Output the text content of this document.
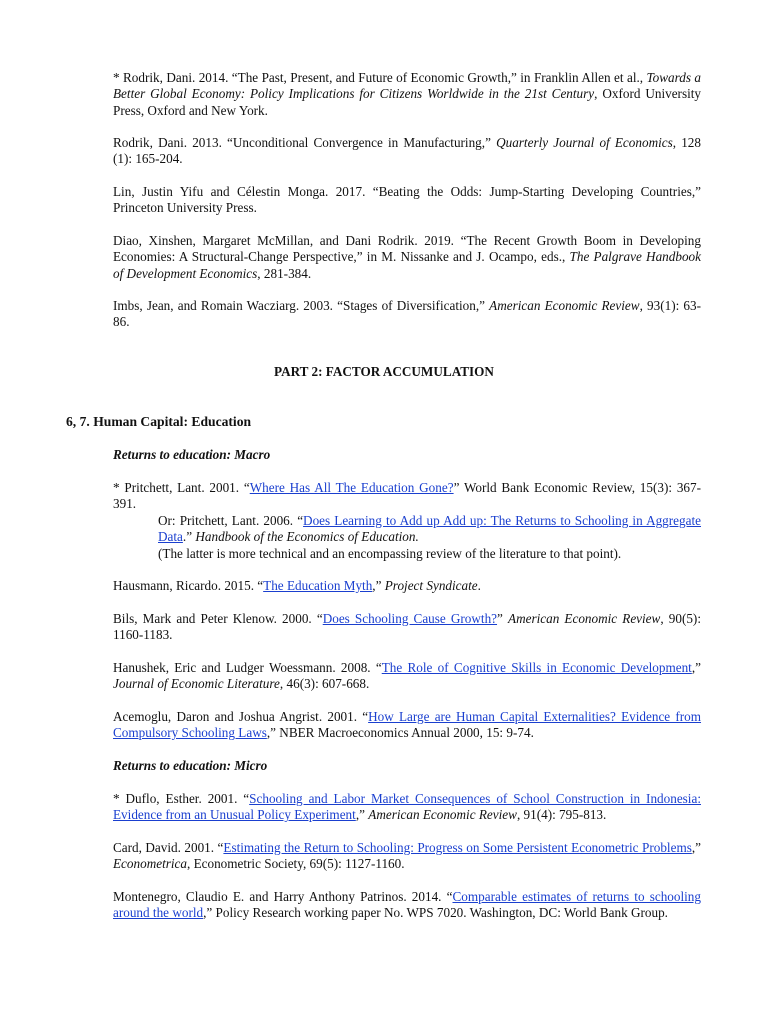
* Rodrik, Dani. 2014. “The Past, Present, and Future of Economic Growth,” in Franklin Allen et al., Towards a Better Global Economy: Policy Implications for Citizens Worldwide in the 21st Century, Oxford University Press, Oxford and New York.
Rodrik, Dani. 2013. “Unconditional Convergence in Manufacturing,” Quarterly Journal of Economics, 128 (1): 165-204.
Lin, Justin Yifu and Célestin Monga. 2017. “Beating the Odds: Jump-Starting Developing Countries,” Princeton University Press.
Diao, Xinshen, Margaret McMillan, and Dani Rodrik. 2019. “The Recent Growth Boom in Developing Economies: A Structural-Change Perspective,” in M. Nissanke and J. Ocampo, eds., The Palgrave Handbook of Development Economics, 281-384.
Imbs, Jean, and Romain Wacziarg. 2003. “Stages of Diversification,” American Economic Review, 93(1): 63-86.
PART 2: FACTOR ACCUMULATION
6, 7. Human Capital: Education
Returns to education: Macro
* Pritchett, Lant. 2001. “Where Has All The Education Gone?” World Bank Economic Review, 15(3): 367-391.
Or: Pritchett, Lant. 2006. “Does Learning to Add up Add up: The Returns to Schooling in Aggregate Data.” Handbook of the Economics of Education.
(The latter is more technical and an encompassing review of the literature to that point).
Hausmann, Ricardo. 2015. “The Education Myth,” Project Syndicate.
Bils, Mark and Peter Klenow. 2000. “Does Schooling Cause Growth?” American Economic Review, 90(5): 1160-1183.
Hanushek, Eric and Ludger Woessmann. 2008. “The Role of Cognitive Skills in Economic Development,” Journal of Economic Literature, 46(3): 607-668.
Acemoglu, Daron and Joshua Angrist. 2001. “How Large are Human Capital Externalities? Evidence from Compulsory Schooling Laws,” NBER Macroeconomics Annual 2000, 15: 9-74.
Returns to education: Micro
* Duflo, Esther. 2001. “Schooling and Labor Market Consequences of School Construction in Indonesia: Evidence from an Unusual Policy Experiment,” American Economic Review, 91(4): 795-813.
Card, David. 2001. “Estimating the Return to Schooling: Progress on Some Persistent Econometric Problems,” Econometrica, Econometric Society, 69(5): 1127-1160.
Montenegro, Claudio E. and Harry Anthony Patrinos. 2014. “Comparable estimates of returns to schooling around the world,” Policy Research working paper No. WPS 7020. Washington, DC: World Bank Group.
